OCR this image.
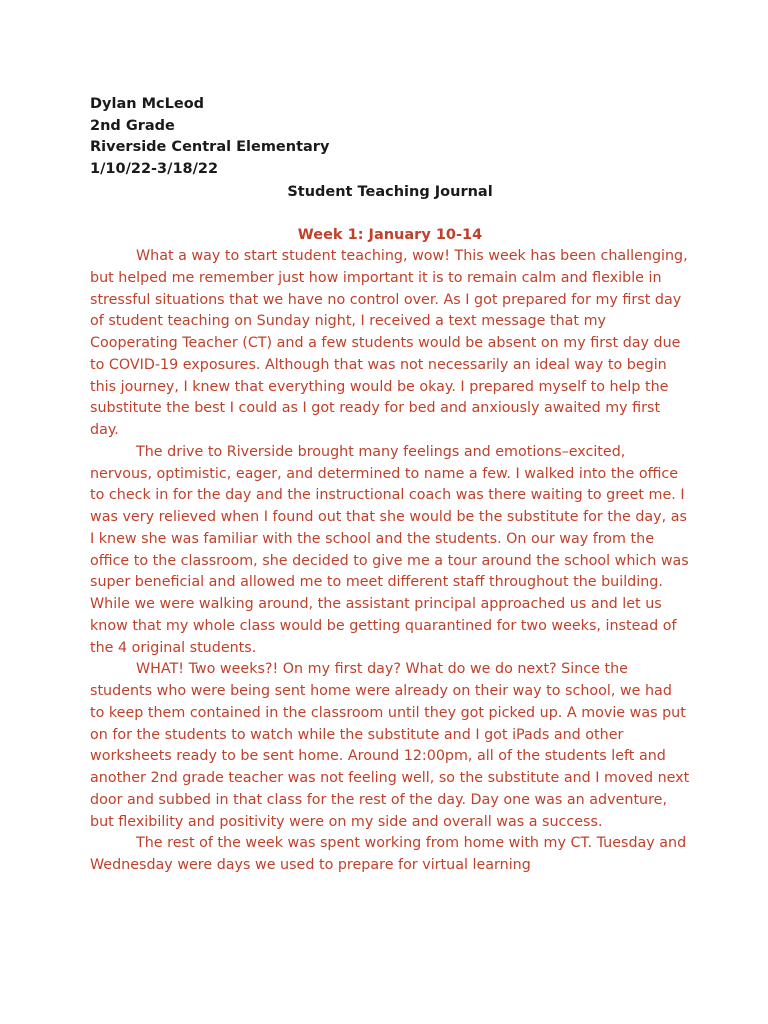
Dylan McLeod
2nd Grade
Riverside Central Elementary
1/10/22-3/18/22
Student Teaching Journal
Week 1: January 10-14

What a way to start student teaching, wow! This week has been challenging, but helped me remember just how important it is to remain calm and flexible in stressful situations that we have no control over. As I got prepared for my first day of student teaching on Sunday night, I received a text message that my Cooperating Teacher (CT) and a few students would be absent on my first day due to COVID-19 exposures. Although that was not necessarily an ideal way to begin this journey, I knew that everything would be okay. I prepared myself to help the substitute the best I could as I got ready for bed and anxiously awaited my first day.

The drive to Riverside brought many feelings and emotions–excited, nervous, optimistic, eager, and determined to name a few. I walked into the office to check in for the day and the instructional coach was there waiting to greet me. I was very relieved when I found out that she would be the substitute for the day, as I knew she was familiar with the school and the students. On our way from the office to the classroom, she decided to give me a tour around the school which was super beneficial and allowed me to meet different staff throughout the building. While we were walking around, the assistant principal approached us and let us know that my whole class would be getting quarantined for two weeks, instead of the 4 original students.

WHAT! Two weeks?! On my first day? What do we do next? Since the students who were being sent home were already on their way to school, we had to keep them contained in the classroom until they got picked up. A movie was put on for the students to watch while the substitute and I got iPads and other worksheets ready to be sent home. Around 12:00pm, all of the students left and another 2nd grade teacher was not feeling well, so the substitute and I moved next door and subbed in that class for the rest of the day. Day one was an adventure, but flexibility and positivity were on my side and overall was a success.

The rest of the week was spent working from home with my CT. Tuesday and Wednesday were days we used to prepare for virtual learning
